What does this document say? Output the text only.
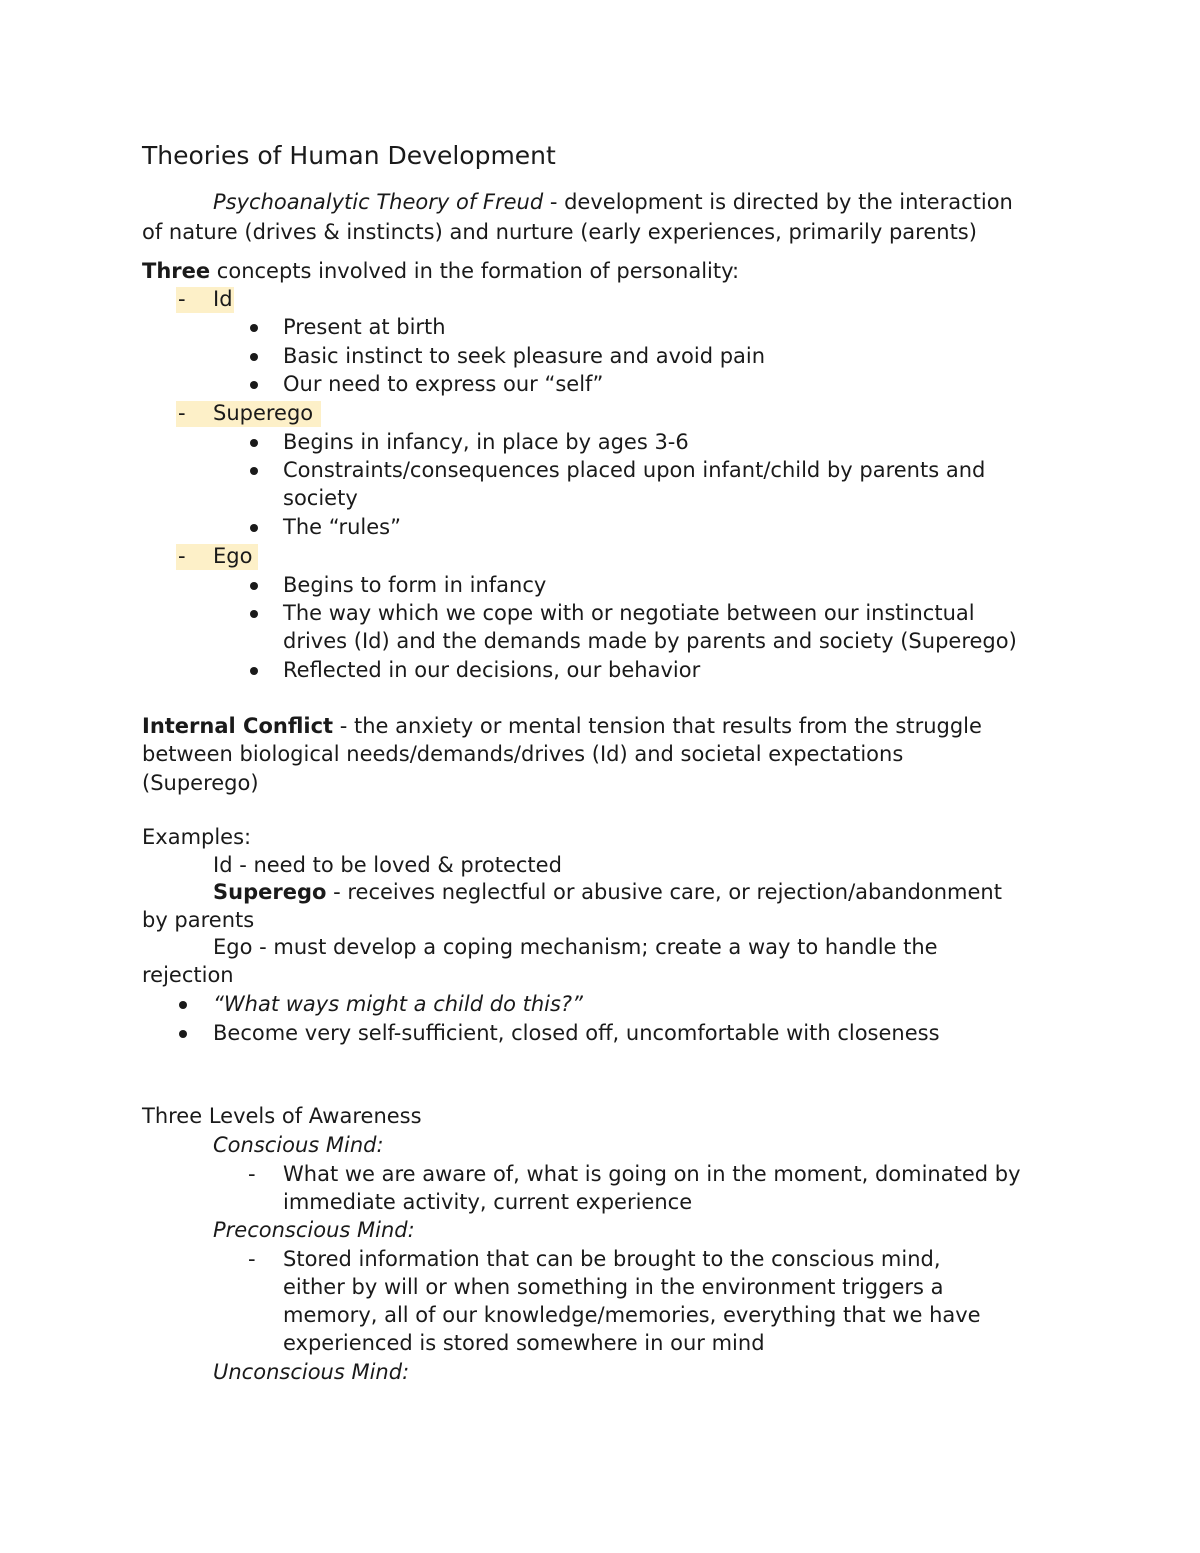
Theories of Human Development
Psychoanalytic Theory of Freud - development is directed by the interaction
of nature (drives & instincts) and nurture (early experiences, primarily parents)
Three concepts involved in the formation of personality:
- Id
Present at birth
Basic instinct to seek pleasure and avoid pain
Our need to express our “self”
- Superego
Begins in infancy, in place by ages 3-6
Constraints/consequences placed upon infant/child by parents and
society
The “rules”
- Ego
Begins to form in infancy
The way which we cope with or negotiate between our instinctual
drives (Id) and the demands made by parents and society (Superego)
Reflected in our decisions, our behavior
Internal Conflict - the anxiety or mental tension that results from the struggle
between biological needs/demands/drives (Id) and societal expectations
(Superego)
Examples:
Id - need to be loved & protected
Superego - receives neglectful or abusive care, or rejection/abandonment
by parents
Ego - must develop a coping mechanism; create a way to handle the
rejection
“What ways might a child do this?”
Become very self-sufficient, closed off, uncomfortable with closeness
Three Levels of Awareness
Conscious Mind:
- What we are aware of, what is going on in the moment, dominated by
immediate activity, current experience
Preconscious Mind:
- Stored information that can be brought to the conscious mind,
either by will or when something in the environment triggers a
memory, all of our knowledge/memories, everything that we have
experienced is stored somewhere in our mind
Unconscious Mind:
